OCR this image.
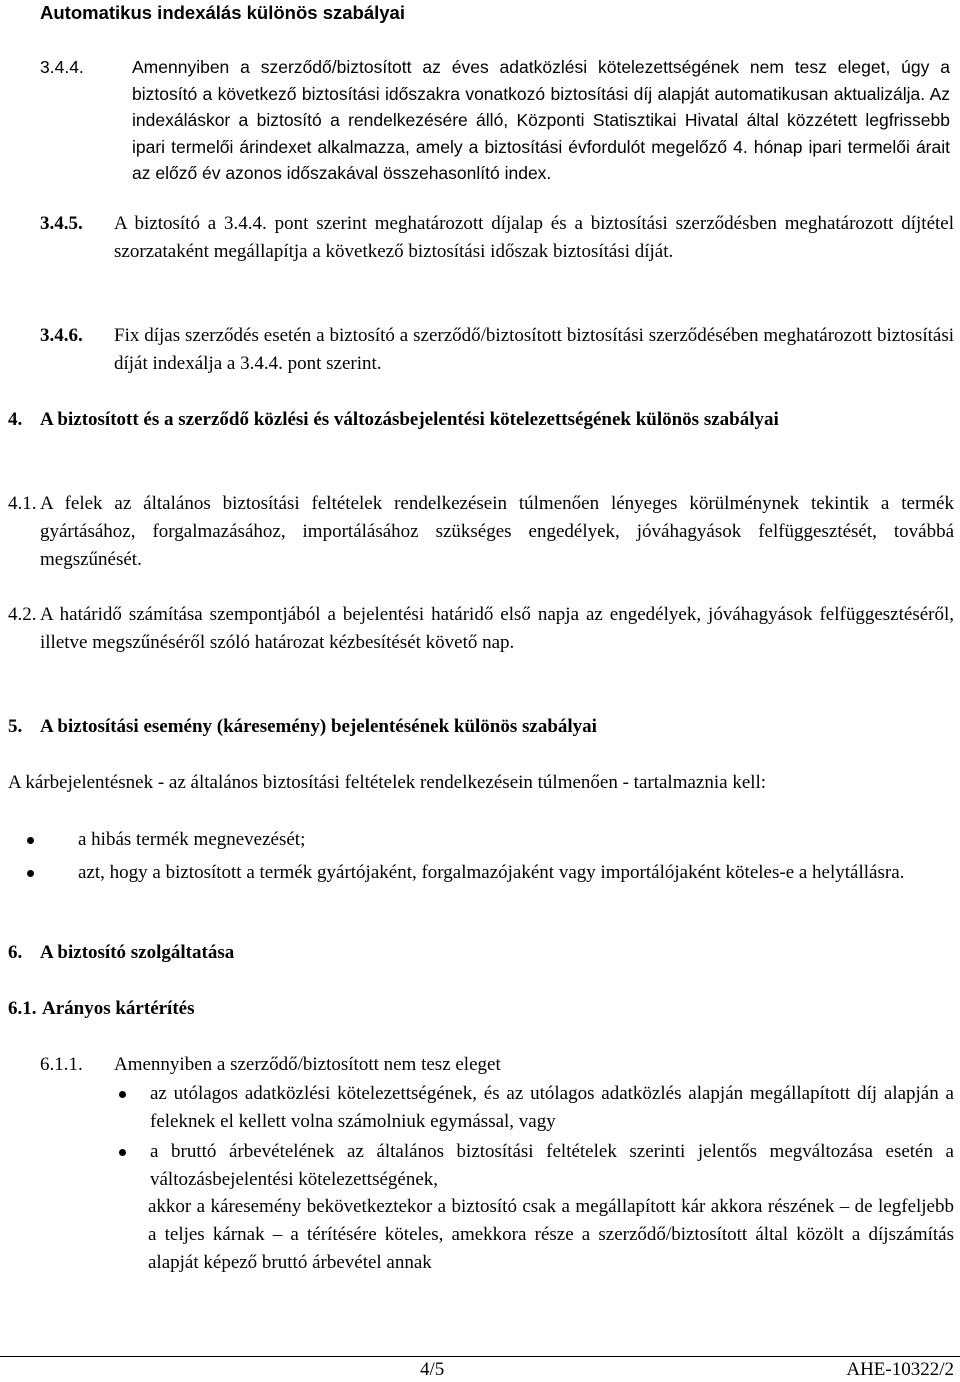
Automatikus indexálás különös szabályai
3.4.4.	Amennyiben a szerződő/biztosított az éves adatközlési kötelezettségének nem tesz eleget, úgy a biztosító a következő biztosítási időszakra vonatkozó biztosítási díj alapját automatikusan aktualizálja. Az indexáláskor a biztosító a rendelkezésére álló, Központi Statisztikai Hivatal által közzétett legfrissebb ipari termelői árindexet alkalmazza, amely a biztosítási évfordulót megelőző 4. hónap ipari termelői árait az előző év azonos időszakával összehasonlító index.
3.4.5. A biztosító a 3.4.4. pont szerint meghatározott díjalap és a biztosítási szerződésben meghatározott díjtétel szorzataként megállapítja a következő biztosítási időszak biztosítási díját.
3.4.6. Fix díjas szerződés esetén a biztosító a szerződő/biztosított biztosítási szerződésében meghatározott biztosítási díját indexálja a 3.4.4. pont szerint.
4. A biztosított és a szerződő közlési és változásbejelentési kötelezettségének különös szabályai
4.1. A felek az általános biztosítási feltételek rendelkezésein túlmenően lényeges körülménynek tekintik a termék gyártásához, forgalmazásához, importálásához szükséges engedélyek, jóváhagyások felfüggesztését, továbbá megszűnését.
4.2. A határidő számítása szempontjából a bejelentési határidő első napja az engedélyek, jóváhagyások felfüggesztéséről, illetve megszűnéséről szóló határozat kézbesítését követő nap.
5. A biztosítási esemény (káresemény) bejelentésének különös szabályai
A kárbejelentésnek - az általános biztosítási feltételek rendelkezésein túlmenően - tartalmaznia kell:
a hibás termék megnevezését;
azt, hogy a biztosított a termék gyártójaként, forgalmazójaként vagy importálójaként köteles-e a helytállásra.
6. A biztosító szolgáltatása
6.1. Arányos kártérítés
6.1.1. Amennyiben a szerződő/biztosított nem tesz eleget
az utólagos adatközlési kötelezettségének, és az utólagos adatközlés alapján megállapított díj alapján a feleknek el kellett volna számolniuk egymással, vagy
a bruttó árbevételének az általános biztosítási feltételek szerinti jelentős megváltozása esetén a változásbejelentési kötelezettségének,
akkor a káresemény bekövetkeztekor a biztosító csak a megállapított kár akkora részének – de legfeljebb a teljes kárnak – a térítésére köteles, amekkora része a szerződő/biztosított által közölt a díjszámítás alapját képező bruttó árbevétel annak
4/5	AHE-10322/2
